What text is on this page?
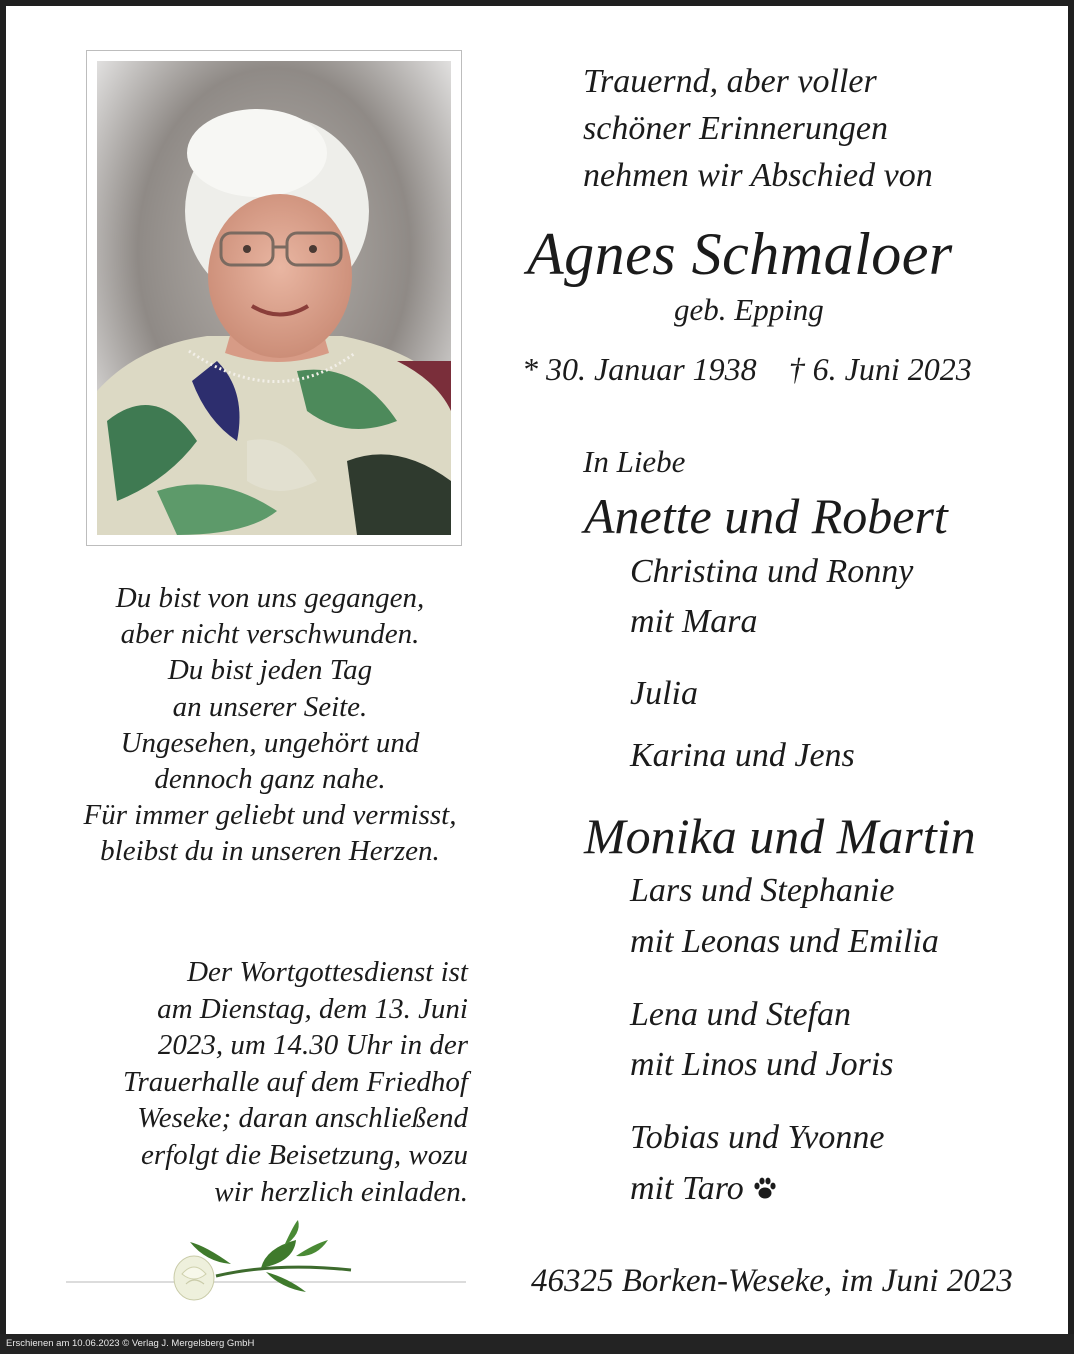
Trauernd, aber voller
schöner Erinnerungen
nehmen wir Abschied von
Agnes Schmaloer
geb. Epping
* 30. Januar 1938 † 6. Juni 2023
In Liebe
Anette und Robert
Christina und Ronny
mit Mara
Julia
Karina und Jens
Monika und Martin
Lars und Stephanie
mit Leonas und Emilia
Lena und Stefan
mit Linos und Joris
Tobias und Yvonne
mit Taro
Du bist von uns gegangen,
aber nicht verschwunden.
Du bist jeden Tag
an unserer Seite.
Ungesehen, ungehört und
dennoch ganz nahe.
Für immer geliebt und vermisst,
bleibst du in unseren Herzen.
Der Wortgottesdienst ist
am Dienstag, dem 13. Juni
2023, um 14.30 Uhr in der
Trauerhalle auf dem Friedhof
Weseke; daran anschließend
erfolgt die Beisetzung, wozu
wir herzlich einladen.
46325 Borken-Weseke, im Juni 2023
Erschienen am 10.06.2023 © Verlag J. Mergelsberg GmbH
